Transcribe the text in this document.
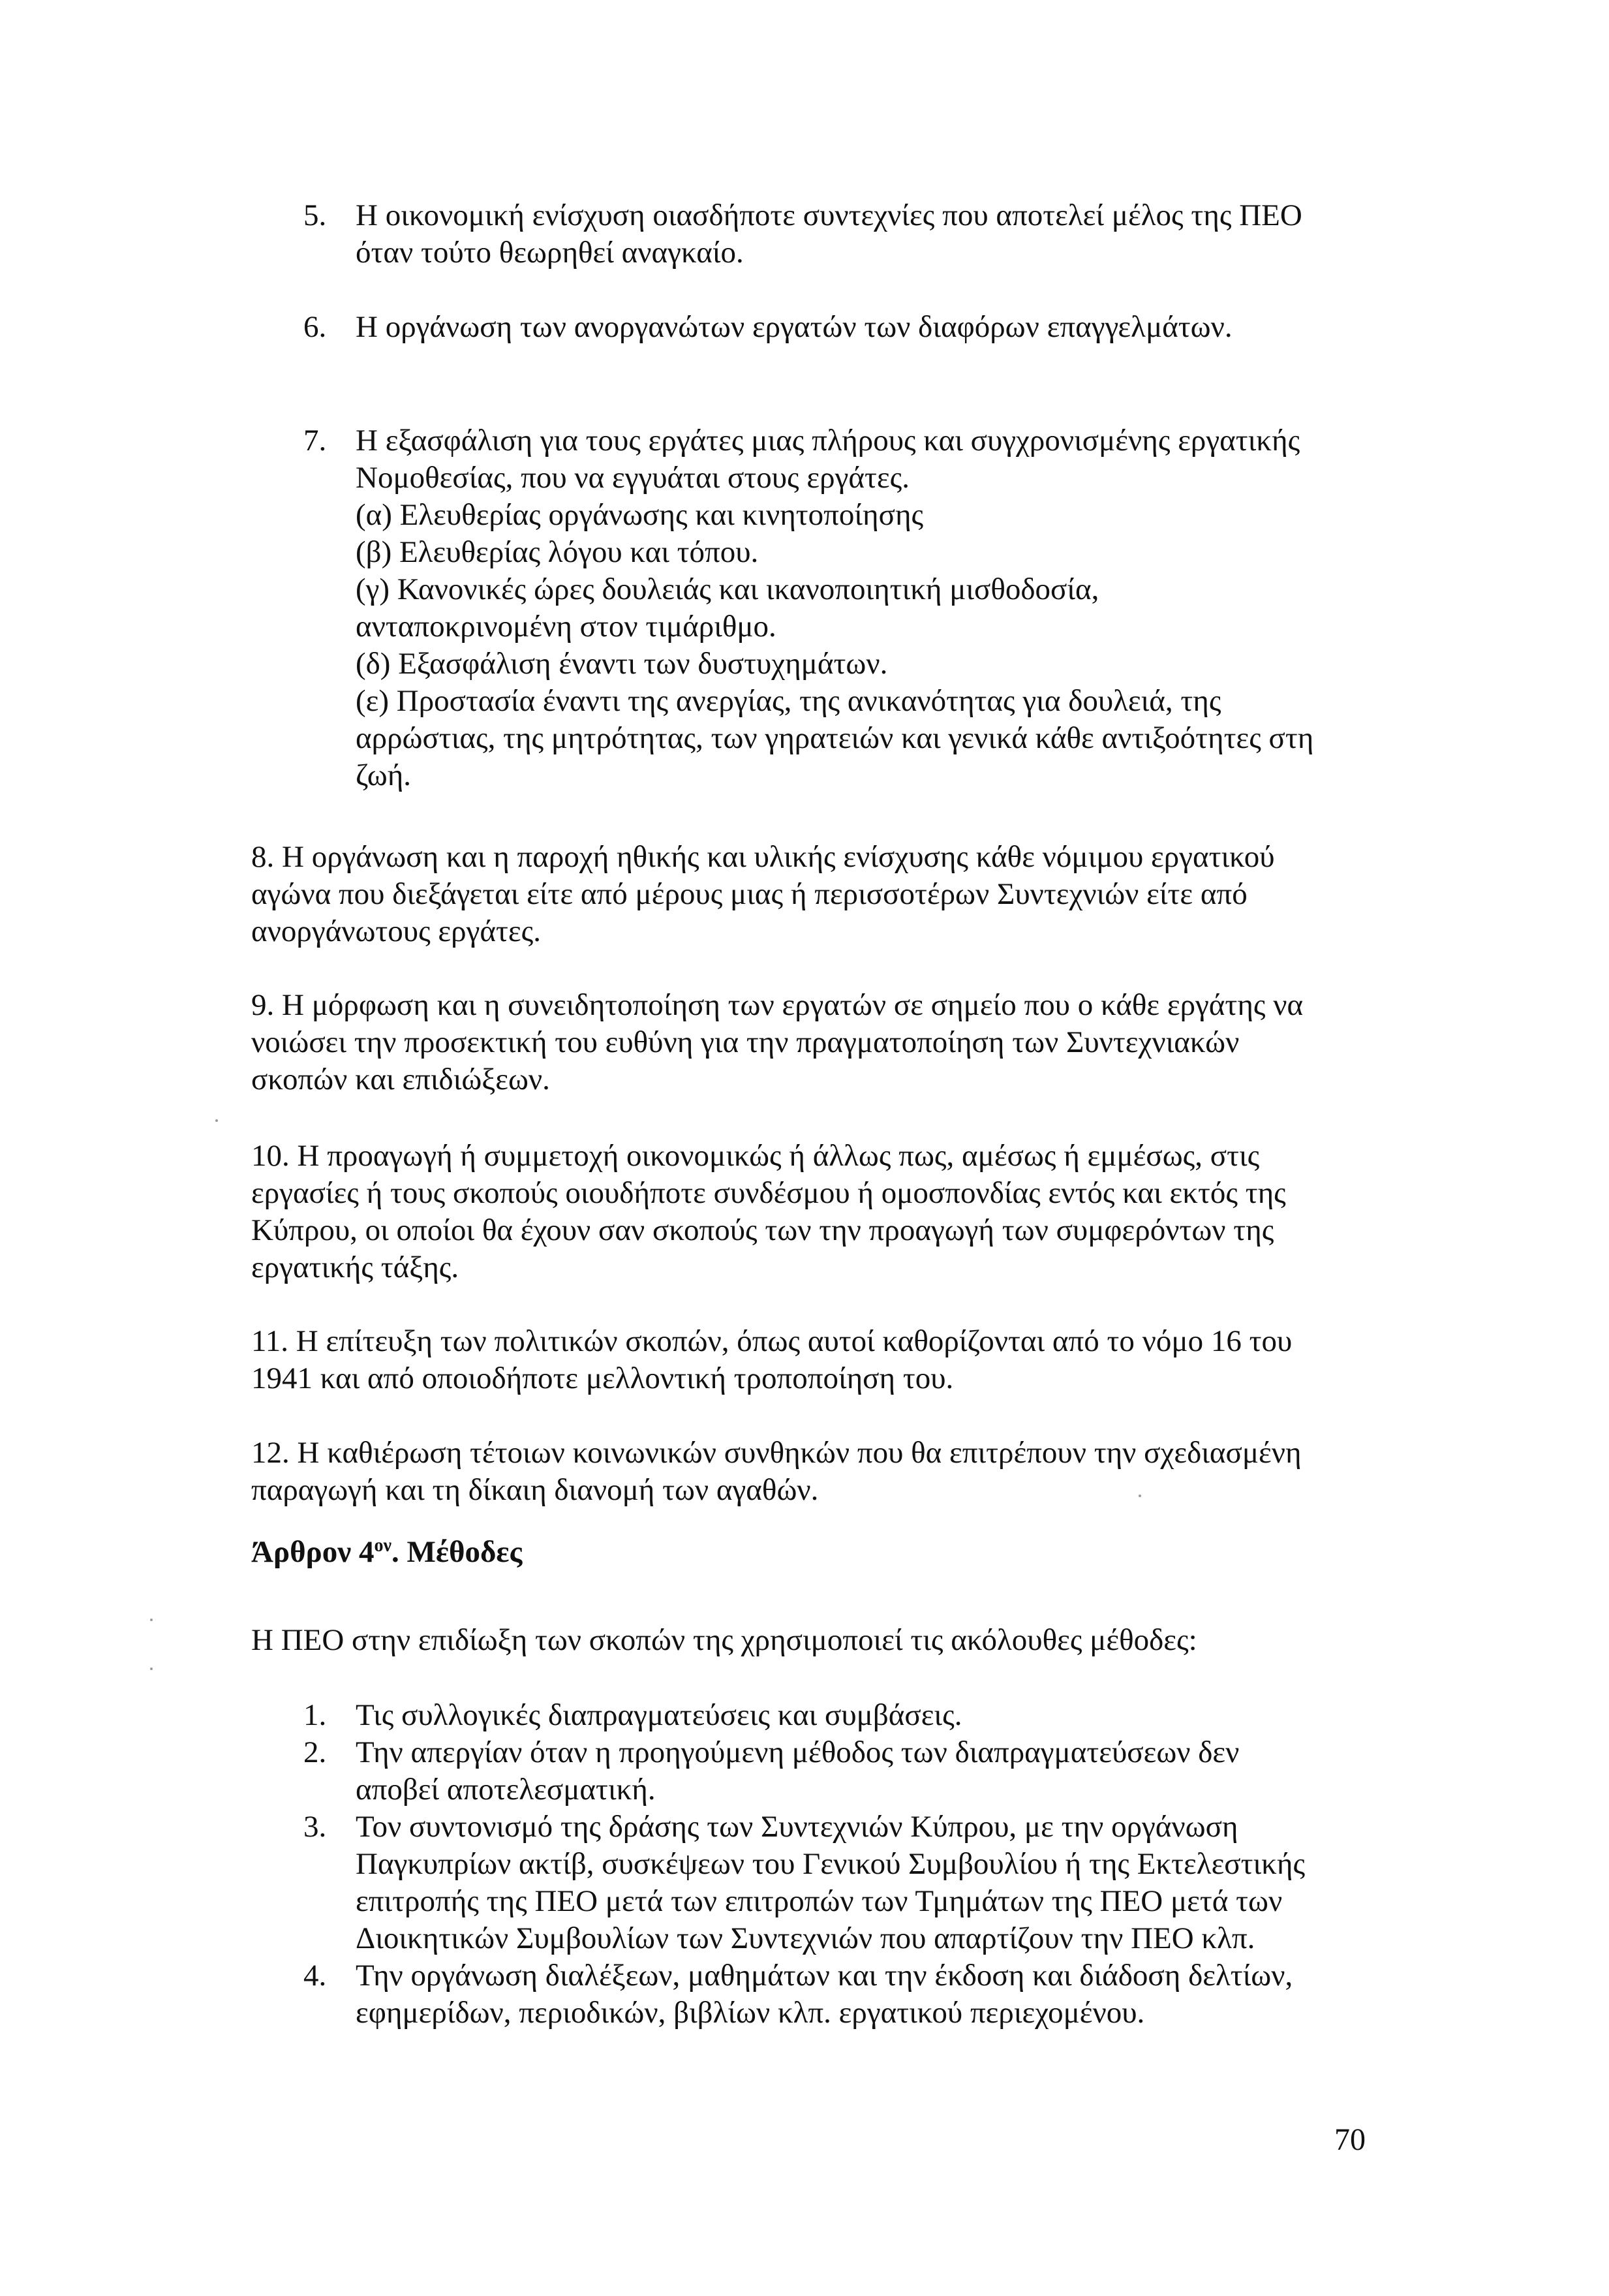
5. Η οικονομική ενίσχυση οιασδήποτε συντεχνίες που αποτελεί μέλος της ΠΕΟ
όταν τούτο θεωρηθεί αναγκαίο.
6. Η οργάνωση των ανοργανώτων εργατών των διαφόρων επαγγελμάτων.
7. Η εξασφάλιση για τους εργάτες μιας πλήρους και συγχρονισμένης εργατικής
Νομοθεσίας, που να εγγυάται στους εργάτες.
(α) Ελευθερίας οργάνωσης και κινητοποίησης
(β) Ελευθερίας λόγου και τόπου.
(γ) Κανονικές ώρες δουλειάς και ικανοποιητική μισθοδοσία,
ανταποκρινομένη στον τιμάριθμο.
(δ) Εξασφάλιση έναντι των δυστυχημάτων.
(ε) Προστασία έναντι της ανεργίας, της ανικανότητας για δουλειά, της
αρρώστιας, της μητρότητας, των γηρατειών και γενικά κάθε αντιξοότητες στη
ζωή.
8. Η οργάνωση και η παροχή ηθικής και υλικής ενίσχυσης κάθε νόμιμου εργατικού
αγώνα που διεξάγεται είτε από μέρους μιας ή περισσοτέρων Συντεχνιών είτε από
ανοργάνωτους εργάτες.
9. Η μόρφωση και η συνειδητοποίηση των εργατών σε σημείο που ο κάθε εργάτης να
νοιώσει την προσεκτική του ευθύνη για την πραγματοποίηση των Συντεχνιακών
σκοπών και επιδιώξεων.
10. Η προαγωγή ή συμμετοχή οικονομικώς ή άλλως πως, αμέσως ή εμμέσως, στις
εργασίες ή τους σκοπούς οιουδήποτε συνδέσμου ή ομοσπονδίας εντός και εκτός της
Κύπρου, οι οποίοι θα έχουν σαν σκοπούς των την προαγωγή των συμφερόντων της
εργατικής τάξης.
11. Η επίτευξη των πολιτικών σκοπών, όπως αυτοί καθορίζονται από το νόμο 16 του
1941 και από οποιοδήποτε μελλοντική τροποποίηση του.
12. Η καθιέρωση τέτοιων κοινωνικών συνθηκών που θα επιτρέπουν την σχεδιασμένη
παραγωγή και τη δίκαιη διανομή των αγαθών.
Άρθρον $4^{o\nu}$. Μέθοδες
Η ΠΕΟ στην επιδίωξη των σκοπών της χρησιμοποιεί τις ακόλουθες μέθοδες:
1. Τις συλλογικές διαπραγματεύσεις και συμβάσεις.
2. Την απεργίαν όταν η προηγούμενη μέθοδος των διαπραγματεύσεων δεν
αποβεί αποτελεσματική.
3. Τον συντονισμό της δράσης των Συντεχνιών Κύπρου, με την οργάνωση
Παγκυπρίων ακτίβ, συσκέψεων του Γενικού Συμβουλίου ή της Εκτελεστικής
επιτροπής της ΠΕΟ μετά των επιτροπών των Τμημάτων της ΠΕΟ μετά των
Διοικητικών Συμβουλίων των Συντεχνιών που απαρτίζουν την ΠΕΟ κλπ.
4. Την οργάνωση διαλέξεων, μαθημάτων και την έκδοση και διάδοση δελτίων,
εφημερίδων, περιοδικών, βιβλίων κλπ. εργατικού περιεχομένου.
70
